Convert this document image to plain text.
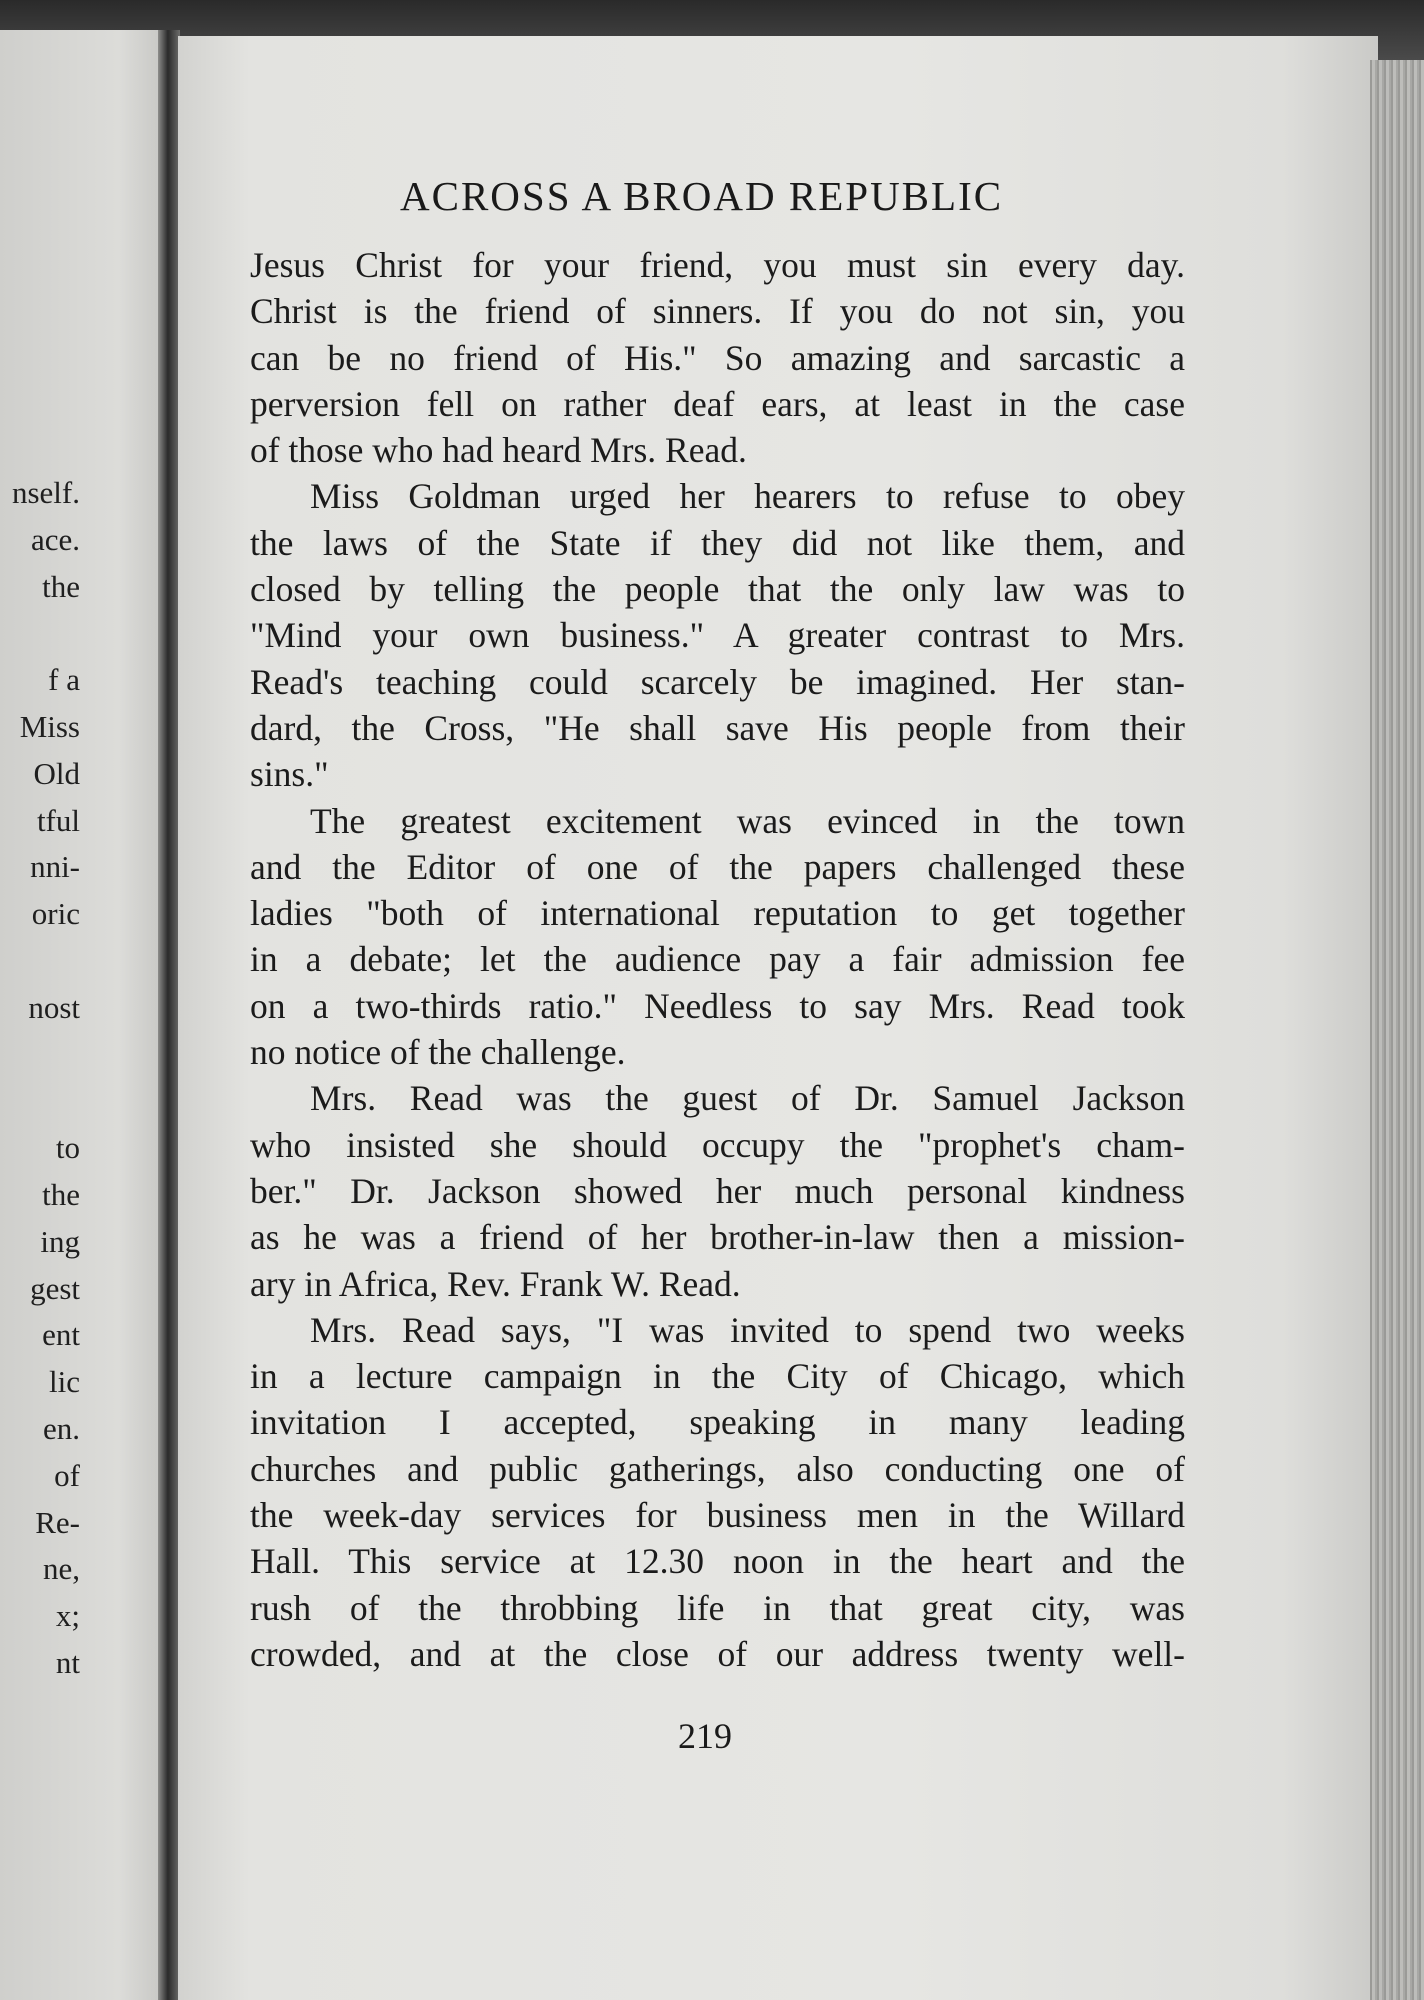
nself.
ace.
the

f a
Miss
Old
tful
nni-
oric

nost

to
the
ing
gest
ent
lic
en.
of
Re-
ne,
x;
nt
ACROSS A BROAD REPUBLIC
Jesus Christ for your friend, you must sin every day.
Christ is the friend of sinners. If you do not sin, you
can be no friend of His." So amazing and sarcastic a
perversion fell on rather deaf ears, at least in the case
of those who had heard Mrs. Read.
Miss Goldman urged her hearers to refuse to obey
the laws of the State if they did not like them, and
closed by telling the people that the only law was to
"Mind your own business." A greater contrast to Mrs.
Read's teaching could scarcely be imagined. Her stan-
dard, the Cross, "He shall save His people from their
sins."
The greatest excitement was evinced in the town
and the Editor of one of the papers challenged these
ladies "both of international reputation to get together
in a debate; let the audience pay a fair admission fee
on a two-thirds ratio." Needless to say Mrs. Read took
no notice of the challenge.
Mrs. Read was the guest of Dr. Samuel Jackson
who insisted she should occupy the "prophet's cham-
ber." Dr. Jackson showed her much personal kindness
as he was a friend of her brother-in-law then a mission-
ary in Africa, Rev. Frank W. Read.
Mrs. Read says, "I was invited to spend two weeks
in a lecture campaign in the City of Chicago, which
invitation I accepted, speaking in many leading
churches and public gatherings, also conducting one of
the week-day services for business men in the Willard
Hall. This service at 12.30 noon in the heart and the
rush of the throbbing life in that great city, was
crowded, and at the close of our address twenty well-
219
